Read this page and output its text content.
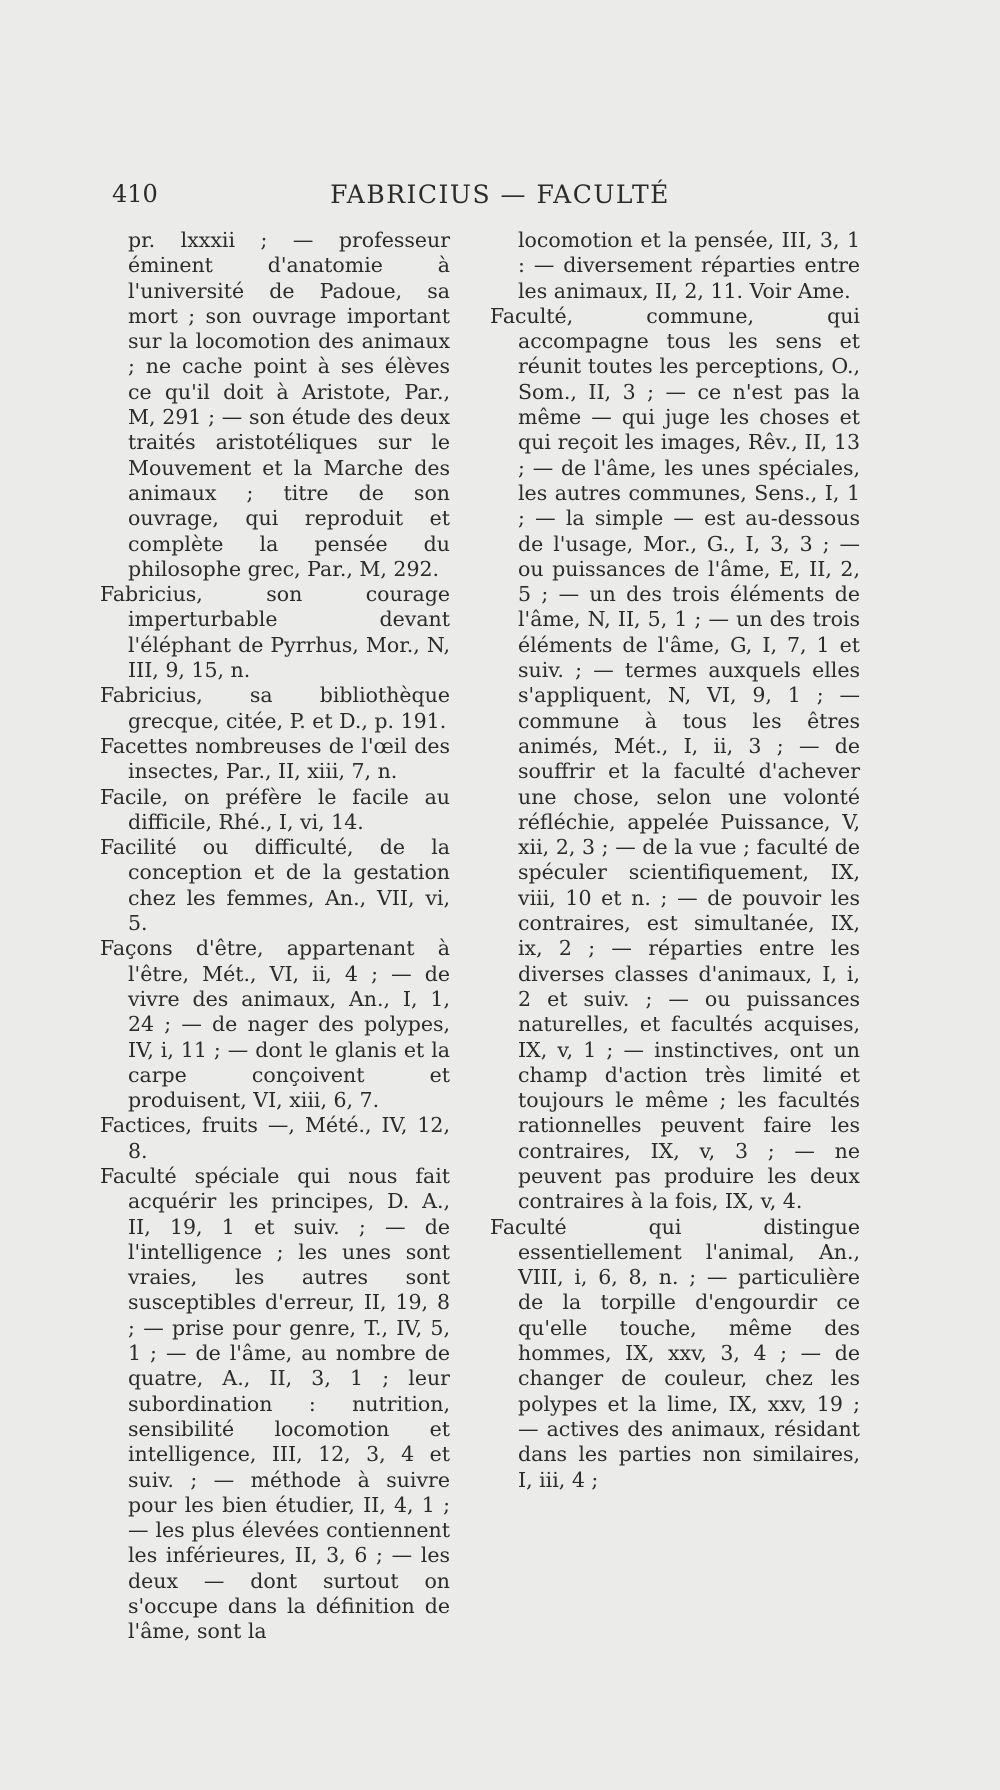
410	FABRICIUS — FACULTÉ

pr. lxxxii ; — professeur éminent d'anatomie à l'université de Padoue, sa mort ; son ouvrage important sur la locomotion des animaux ; ne cache point à ses élèves ce qu'il doit à Aristote, Par., M, 291 ; — son étude des deux traités aristotéliques sur le Mouvement et la Marche des animaux ; titre de son ouvrage, qui reproduit et complète la pensée du philosophe grec, Par., M, 292.

Fabricius, son courage imperturbable devant l'éléphant de Pyrrhus, Mor., N, III, 9, 15, n.

Fabricius, sa bibliothèque grecque, citée, P. et D., p. 191.

Facettes nombreuses de l'œil des insectes, Par., II, xiii, 7, n.

Facile, on préfère le facile au difficile, Rhé., I, vi, 14.

Facilité ou difficulté, de la conception et de la gestation chez les femmes, An., VII, vi, 5.

Façons d'être, appartenant à l'être, Mét., VI, ii, 4 ; — de vivre des animaux, An., I, 1, 24 ; — de nager des polypes, IV, i, 11 ; — dont le glanis et la carpe conçoivent et produisent, VI, xiii, 6, 7.

Factices, fruits —, Mété., IV, 12, 8.

Faculté spéciale qui nous fait acquérir les principes, D. A., II, 19, 1 et suiv. ; — de l'intelligence ; les unes sont vraies, les autres sont susceptibles d'erreur, II, 19, 8 ; — prise pour genre, T., IV, 5, 1 ; — de l'âme, au nombre de quatre, A., II, 3, 1 ; leur subordination : nutrition, sensibilité locomotion et intelligence, III, 12, 3, 4 et suiv. ; — méthode à suivre pour les bien étudier, II, 4, 1 ; — les plus élevées contiennent les inférieures, II, 3, 6 ; — les deux — dont surtout on s'occupe dans la définition de l'âme, sont la

locomotion et la pensée, III, 3, 1 : — diversement réparties entre les animaux, II, 2, 11. Voir Ame.

Faculté, commune, qui accompagne tous les sens et réunit toutes les perceptions, O., Som., II, 3 ; — ce n'est pas la même — qui juge les choses et qui reçoit les images, Rêv., II, 13 ; — de l'âme, les unes spéciales, les autres communes, Sens., I, 1 ; — la simple — est au-dessous de l'usage, Mor., G., I, 3, 3 ; — ou puissances de l'âme, E, II, 2, 5 ; — un des trois éléments de l'âme, N, II, 5, 1 ; — un des trois éléments de l'âme, G, I, 7, 1 et suiv. ; — termes auxquels elles s'appliquent, N, VI, 9, 1 ; — commune à tous les êtres animés, Mét., I, ii, 3 ; — de souffrir et la faculté d'achever une chose, selon une volonté réfléchie, appelée Puissance, V, xii, 2, 3 ; — de la vue ; faculté de spéculer scientifiquement, IX, viii, 10 et n. ; — de pouvoir les contraires, est simultanée, IX, ix, 2 ; — réparties entre les diverses classes d'animaux, I, i, 2 et suiv. ; — ou puissances naturelles, et facultés acquises, IX, v, 1 ; — instinctives, ont un champ d'action très limité et toujours le même ; les facultés rationnelles peuvent faire les contraires, IX, v, 3 ; — ne peuvent pas produire les deux contraires à la fois, IX, v, 4.

Faculté qui distingue essentiellement l'animal, An., VIII, i, 6, 8, n. ; — particulière de la torpille d'engourdir ce qu'elle touche, même des hommes, IX, xxv, 3, 4 ; — de changer de couleur, chez les polypes et la lime, IX, xxv, 19 ; — actives des animaux, résidant dans les parties non similaires, I, iii, 4 ;
